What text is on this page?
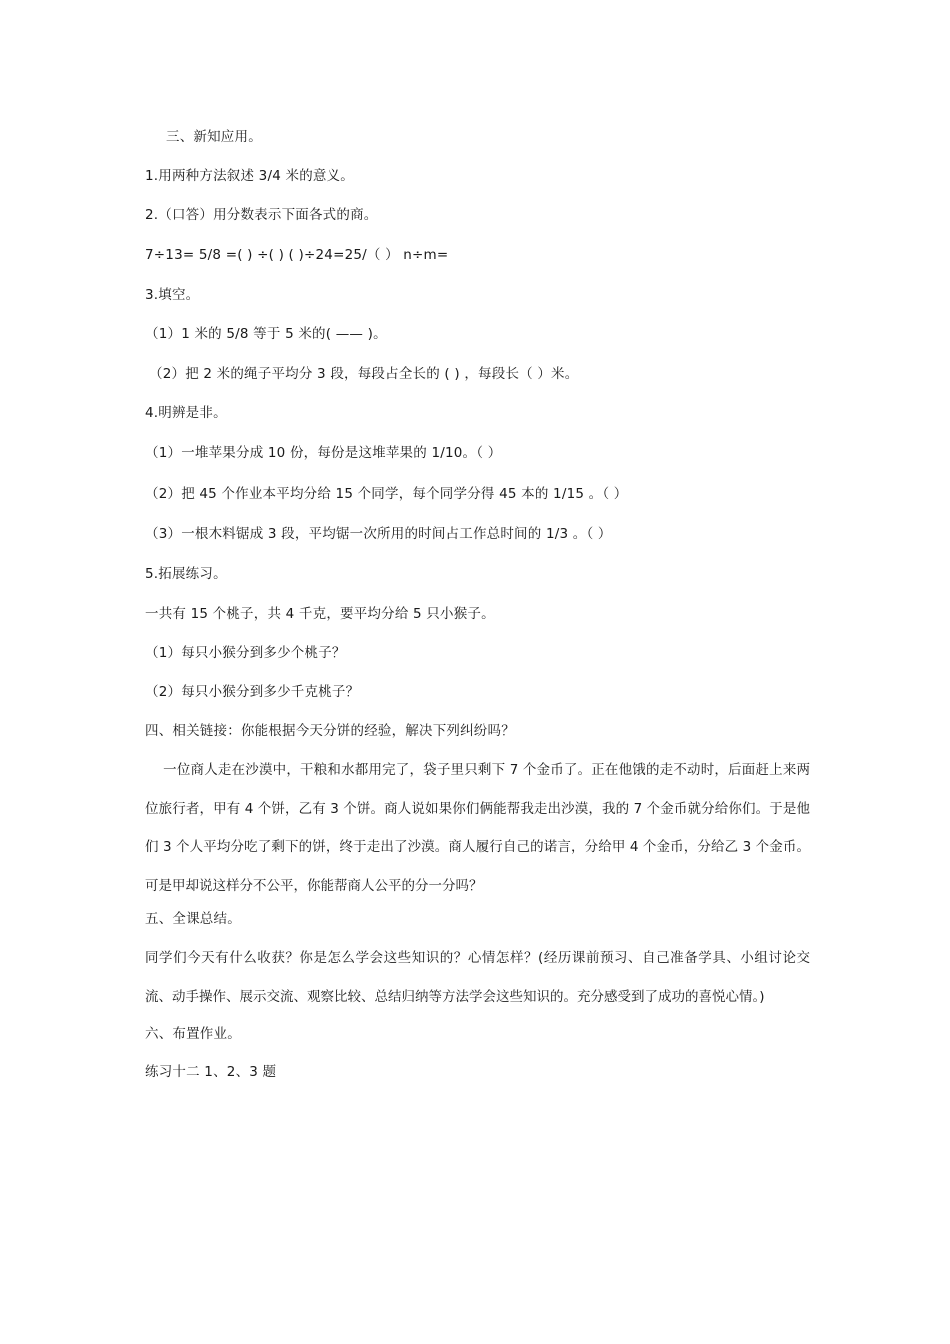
三、新知应用。
1.用两种方法叙述 3/4 米的意义。
2.（口答）用分数表示下面各式的商。
7÷13= 5/8 =( ) ÷( ) ( )÷24=25/（ ） n÷m=
3.填空。
（1）1 米的 5/8 等于 5 米的( —— )。
（2）把 2 米的绳子平均分 3 段，每段占全长的 ( ) ，每段长（ ）米。
4.明辨是非。
（1）一堆苹果分成 10 份，每份是这堆苹果的 1/10。（ ）
（2）把 45 个作业本平均分给 15 个同学，每个同学分得 45 本的 1/15 。（ ）
（3）一根木料锯成 3 段，平均锯一次所用的时间占工作总时间的 1/3 。（ ）
5.拓展练习。
一共有 15 个桃子，共 4 千克，要平均分给 5 只小猴子。
（1）每只小猴分到多少个桃子？
（2）每只小猴分到多少千克桃子？
四、相关链接：你能根据今天分饼的经验，解决下列纠纷吗？
一位商人走在沙漠中，干粮和水都用完了，袋子里只剩下 7 个金币了。正在他饿的走不动时，后面赶上来两位旅行者，甲有 4 个饼，乙有 3 个饼。商人说如果你们俩能帮我走出沙漠，我的 7 个金币就分给你们。于是他们 3 个人平均分吃了剩下的饼，终于走出了沙漠。商人履行自己的诺言，分给甲 4 个金币，分给乙 3 个金币。可是甲却说这样分不公平，你能帮商人公平的分一分吗？
五、全课总结。
同学们今天有什么收获？你是怎么学会这些知识的？心情怎样？(经历课前预习、自己准备学具、小组讨论交流、动手操作、展示交流、观察比较、总结归纳等方法学会这些知识的。充分感受到了成功的喜悦心情。)
六、布置作业。
练习十二 1、2、3 题
